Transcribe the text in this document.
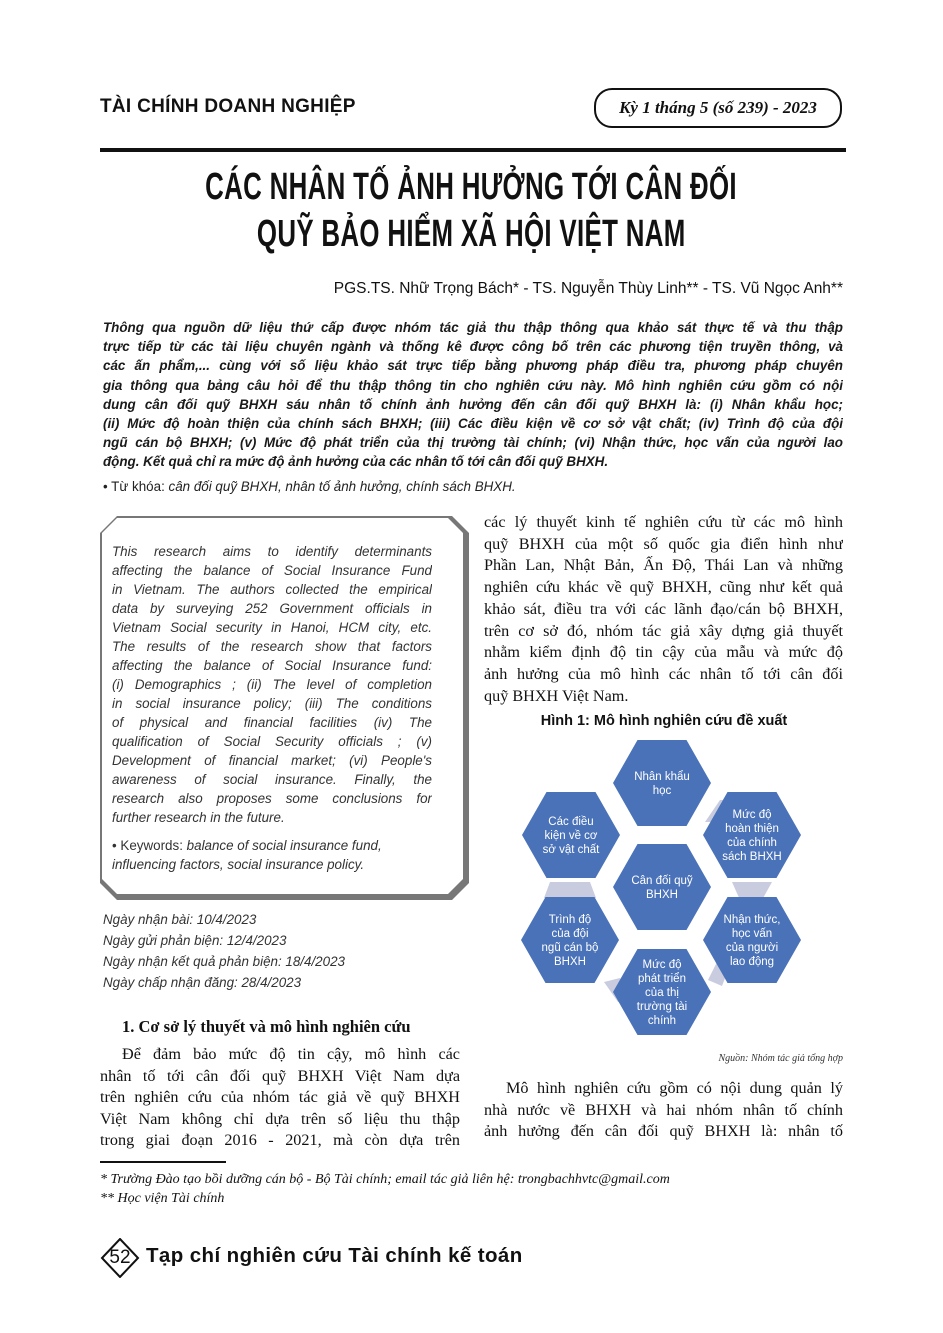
TÀI CHÍNH DOANH NGHIỆP	Kỳ 1 tháng 5 (số 239) - 2023
CÁC NHÂN TỐ ẢNH HƯỞNG TỚI CÂN ĐỐI
QUỸ BẢO HIỂM XÃ HỘI VIỆT NAM
PGS.TS. Nhữ Trọng Bách* - TS. Nguyễn Thùy Linh** - TS. Vũ Ngọc Anh**
Thông qua nguồn dữ liệu thứ cấp được nhóm tác giả thu thập thông qua khảo sát thực tế và thu thập
trực tiếp từ các tài liệu chuyên ngành và thống kê được công bố trên các phương tiện truyền thông, và
các ấn phẩm,... cùng với số liệu khảo sát trực tiếp bằng phương pháp điều tra, phương pháp chuyên
gia thông qua bảng câu hỏi để thu thập thông tin cho nghiên cứu này. Mô hình nghiên cứu gồm có nội
dung cân đối quỹ BHXH sáu nhân tố chính ảnh hưởng đến cân đối quỹ BHXH là: (i) Nhân khẩu học;
(ii) Mức độ hoàn thiện của chính sách BHXH; (iii) Các điều kiện về cơ sở vật chất; (iv) Trình độ của đội
ngũ cán bộ BHXH; (v) Mức độ phát triển của thị trường tài chính; (vi) Nhận thức, học vấn của người lao
động. Kết quả chỉ ra mức độ ảnh hưởng của các nhân tố tới cân đối quỹ BHXH.
• Từ khóa: cân đối quỹ BHXH, nhân tố ảnh hưởng, chính sách BHXH.
This research aims to identify determinants
affecting the balance of Social Insurance Fund
in Vietnam. The authors collected the empirical
data by surveying 252 Government officials in
Vietnam Social security in Hanoi, HCM city, etc.
The results of the research show that factors
affecting the balance of Social Insurance fund:
(i) Demographics ; (ii) The level of completion
in social insurance policy; (iii) The conditions
of physical and financial facilities (iv) The
qualification of Social Security officials ; (v)
Development of financial market; (vi) People's
awareness of social insurance. Finally, the
research also proposes some conclusions for
further research in the future.
• Keywords: balance of social insurance fund,
influencing factors, social insurance policy.
Ngày nhận bài: 10/4/2023
Ngày gửi phản biện: 12/4/2023
Ngày nhận kết quả phản biện: 18/4/2023
Ngày chấp nhận đăng: 28/4/2023
1. Cơ sở lý thuyết và mô hình nghiên cứu
Để đảm bảo mức độ tin cậy, mô hình các
nhân tố tới cân đối quỹ BHXH Việt Nam dựa
trên nghiên cứu của nhóm tác giả về quỹ BHXH
Việt Nam không chỉ dựa trên số liệu thu thập
trong giai đoạn 2016 - 2021, mà còn dựa trên
các lý thuyết kinh tế nghiên cứu từ các mô hình
quỹ BHXH của một số quốc gia điển hình như
Phần Lan, Nhật Bản, Ấn Độ, Thái Lan và những
nghiên cứu khác về quỹ BHXH, cũng như kết quả
khảo sát, điều tra với các lãnh đạo/cán bộ BHXH,
trên cơ sở đó, nhóm tác giả xây dựng giả thuyết
nhằm kiểm định độ tin cậy của mẫu và mức độ
ảnh hưởng của mô hình các nhân tố tới cân đối
quỹ BHXH Việt Nam.
Hình 1: Mô hình nghiên cứu đề xuất
Cân đối quỹ
BHXH
Nhân khẩu
học
Mức độ
hoàn thiện
của chính
sách BHXH
Nhận thức,
học vấn
của người
lao động
Mức độ
phát triển
của thị
trường tài
chính
Trình độ
của đội
ngũ cán bộ
BHXH
Các điều
kiện về cơ
sở vật chất
Nguồn: Nhóm tác giả tổng hợp
Mô hình nghiên cứu gồm có nội dung quản lý
nhà nước về BHXH và hai nhóm nhân tố chính
ảnh hưởng đến cân đối quỹ BHXH là: nhân tố
* Trường Đào tạo bồi dưỡng cán bộ - Bộ Tài chính; email tác giả liên hệ: trongbachhvtc@gmail.com
** Học viện Tài chính
52 Tạp chí nghiên cứu Tài chính kế toán
